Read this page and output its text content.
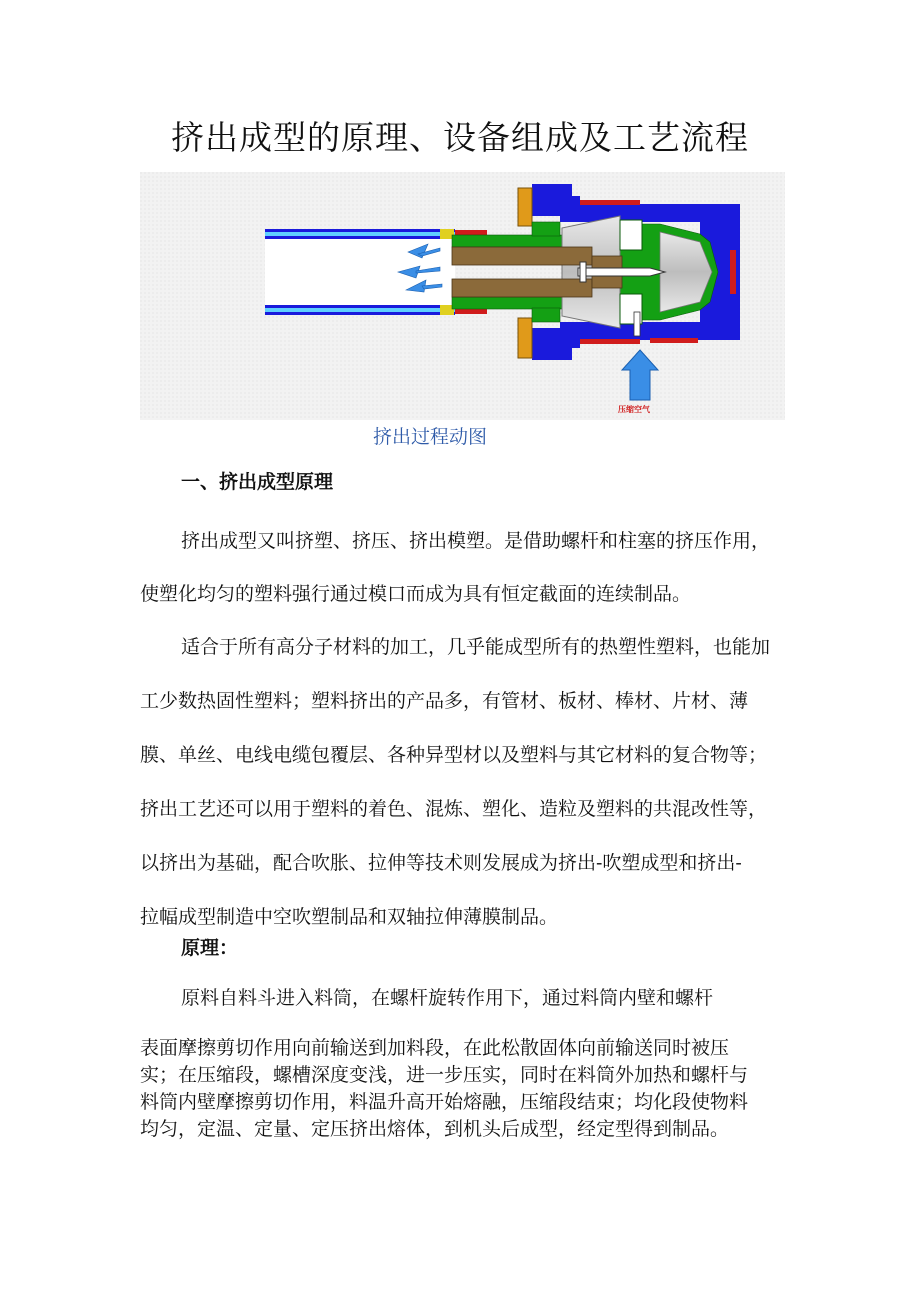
挤出成型的原理、设备组成及工艺流程
压缩空气
挤出过程动图
一、挤出成型原理

挤出成型又叫挤塑、挤压、挤出模塑。是借助螺杆和柱塞的挤压作用，
使塑化均匀的塑料强行通过模口而成为具有恒定截面的连续制品。

适合于所有高分子材料的加工，几乎能成型所有的热塑性塑料，也能加
工少数热固性塑料；塑料挤出的产品多，有管材、板材、棒材、片材、薄
膜、单丝、电线电缆包覆层、各种异型材以及塑料与其它材料的复合物等；
挤出工艺还可以用于塑料的着色、混炼、塑化、造粒及塑料的共混改性等，
以挤出为基础，配合吹胀、拉伸等技术则发展成为挤出-吹塑成型和挤出-
拉幅成型制造中空吹塑制品和双轴拉伸薄膜制品。

原理：
原料自料斗进入料筒，在螺杆旋转作用下，通过料筒内壁和螺杆

表面摩擦剪切作用向前输送到加料段，在此松散固体向前输送同时被压
实；在压缩段，螺槽深度变浅，进一步压实，同时在料筒外加热和螺杆与
料筒内壁摩擦剪切作用，料温升高开始熔融，压缩段结束；均化段使物料
均匀，定温、定量、定压挤出熔体，到机头后成型，经定型得到制品。
